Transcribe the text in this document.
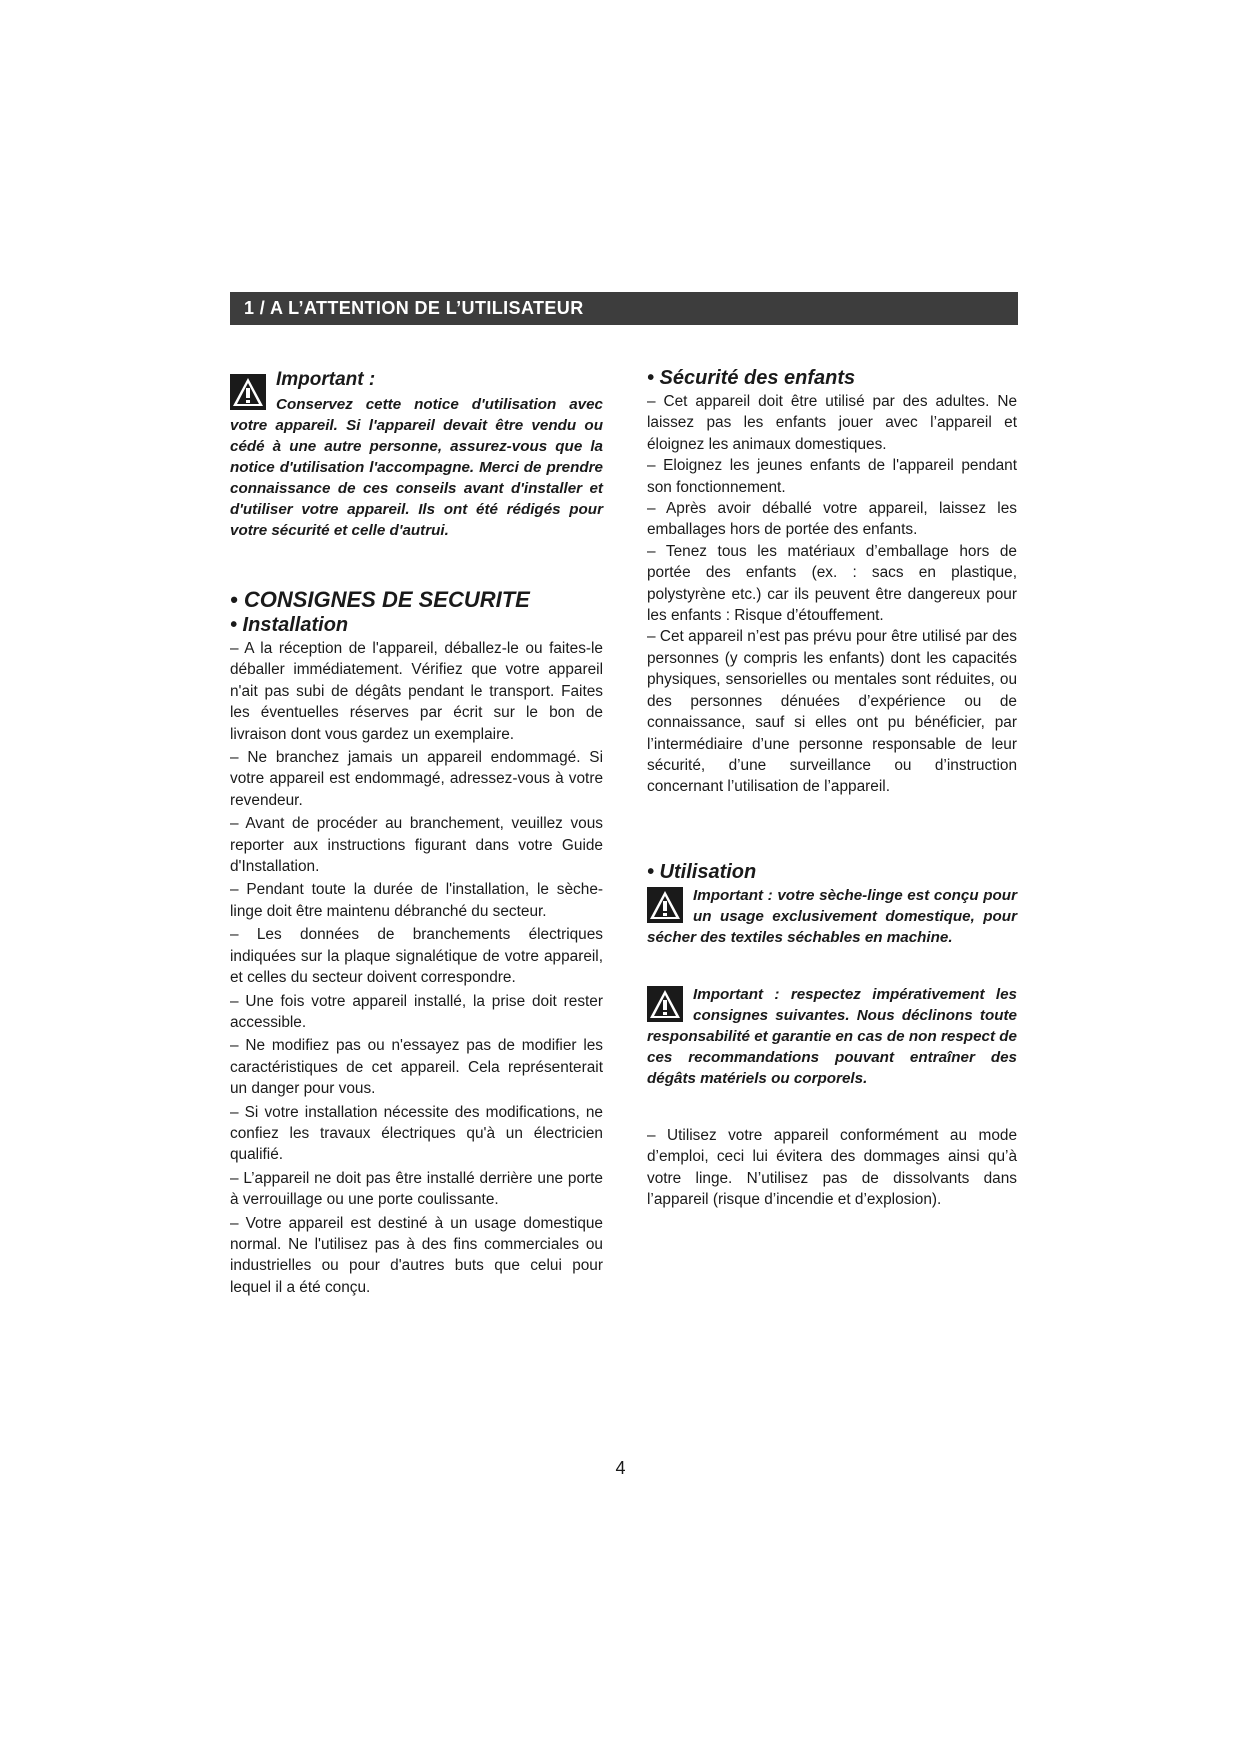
1 / A L’ATTENTION DE L’UTILISATEUR

Important :

Conservez cette notice d'utilisation avec votre appareil. Si l'appareil devait être vendu ou cédé à une autre personne, assurez-vous que la notice d'utilisation l'accompagne. Merci de prendre connaissance de ces conseils avant d'installer et d'utiliser votre appareil. Ils ont été rédigés pour votre sécurité et celle d'autrui.

• CONSIGNES DE SECURITE

• Installation

– A la réception de l'appareil, déballez-le ou faites-le déballer immédiatement. Vérifiez que votre appareil n'ait pas subi de dégâts pendant le transport. Faites les éventuelles réserves par écrit sur le bon de livraison dont vous gardez un exemplaire.

– Ne branchez jamais un appareil endommagé. Si votre appareil est endommagé, adressez-vous à votre revendeur.

– Avant de procéder au branchement, veuillez vous reporter aux instructions figurant dans votre Guide d'Installation.

– Pendant toute la durée de l'installation, le sèche-linge doit être maintenu débranché du secteur.

– Les données de branchements électriques indiquées sur la plaque signalétique de votre appareil, et celles du secteur doivent correspondre.

– Une fois votre appareil installé, la prise doit rester accessible.

– Ne modifiez pas ou n'essayez pas de modifier les caractéristiques de cet appareil. Cela représenterait un danger pour vous.

– Si votre installation nécessite des modifications, ne confiez les travaux électriques qu'à un électricien qualifié.

– L’appareil ne doit pas être installé derrière une porte à verrouillage ou une porte coulissante.

– Votre appareil est destiné à un usage domestique normal. Ne l'utilisez pas à des fins commerciales ou industrielles ou pour d'autres buts que celui pour lequel il a été conçu.

• Sécurité des enfants

– Cet appareil doit être utilisé par des adultes. Ne laissez pas les enfants jouer avec l’appareil et éloignez les animaux domestiques.

– Eloignez les jeunes enfants de l'appareil pendant son fonctionnement.

– Après avoir déballé votre appareil, laissez les emballages hors de portée des enfants.

– Tenez tous les matériaux d’emballage hors de portée des enfants (ex. : sacs en plastique, polystyrène etc.) car ils peuvent être dangereux pour les enfants : Risque d’étouffement.

– Cet appareil n’est pas prévu pour être utilisé par des personnes (y compris les enfants) dont les capacités physiques, sensorielles ou mentales sont réduites, ou des personnes dénuées d’expérience ou de connaissance, sauf si elles ont pu bénéficier, par l’intermédiaire d’une personne responsable de leur sécurité, d’une surveillance ou d’instruction concernant l’utilisation de l’appareil.

• Utilisation

Important : votre sèche-linge est conçu pour un usage exclusivement domestique, pour sécher des textiles séchables en machine.

Important : respectez impérativement les consignes suivantes. Nous déclinons toute responsabilité et garantie en cas de non respect de ces recommandations pouvant entraîner des dégâts matériels ou corporels.

– Utilisez votre appareil conformément au mode d’emploi, ceci lui évitera des dommages ainsi qu’à votre linge. N’utilisez pas de dissolvants dans l’appareil (risque d’incendie et d’explosion).

4
